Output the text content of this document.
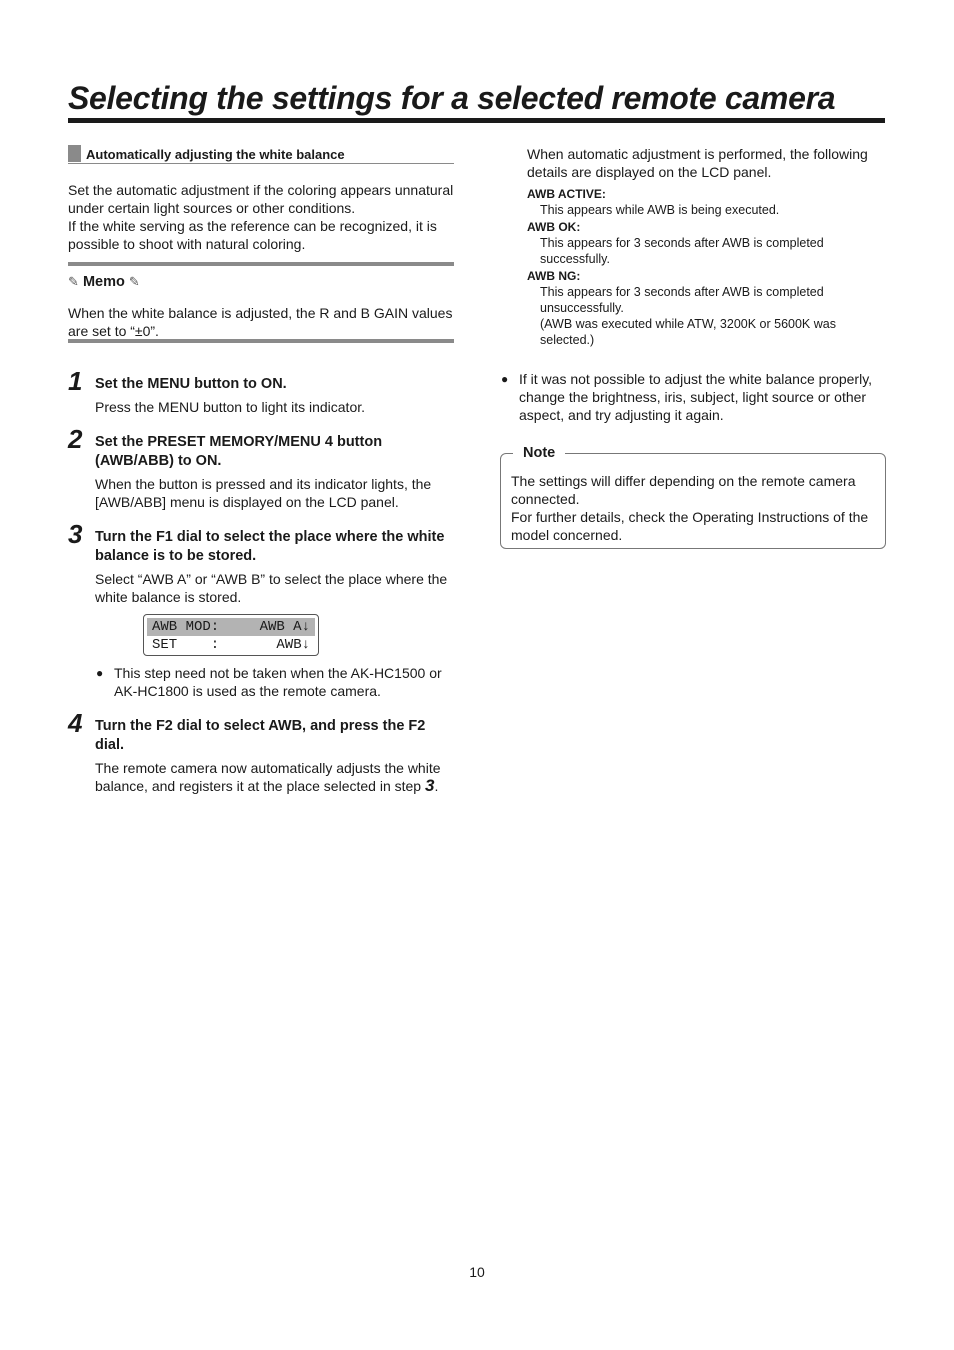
Selecting the settings for a selected remote camera
Automatically adjusting the white balance

Set the automatic adjustment if the coloring appears unnatural under certain light sources or other conditions.

If the white serving as the reference can be recognized, it is possible to shoot with natural coloring.

✎ Memo ✎

When the white balance is adjusted, the R and B GAIN values are set to “±0”.

1 Set the MENU button to ON.
Press the MENU button to light its indicator.
2 Set the PRESET MEMORY/MENU 4 button (AWB/ABB) to ON.
When the button is pressed and its indicator lights, the [AWB/ABB] menu is displayed on the LCD panel.
3 Turn the F1 dial to select the place where the white balance is to be stored.
Select “AWB A” or “AWB B” to select the place where the white balance is stored.
AWB MOD:	AWB A↓
SET    :	AWB↓
● This step need not be taken when the AK-HC1500 or AK-HC1800 is used as the remote camera.
4 Turn the F2 dial to select AWB, and press the F2 dial.
The remote camera now automatically adjusts the white balance, and registers it at the place selected in step 3.

When automatic adjustment is performed, the following details are displayed on the LCD panel.

AWB ACTIVE:
This appears while AWB is being executed.
AWB OK:
This appears for 3 seconds after AWB is completed successfully.
AWB NG:
This appears for 3 seconds after AWB is completed unsuccessfully.
(AWB was executed while ATW, 3200K or 5600K was selected.)
● If it was not possible to adjust the white balance properly, change the brightness, iris, subject, light source or other aspect, and try adjusting it again.
Note

The settings will differ depending on the remote camera connected.

For further details, check the Operating Instructions of the model concerned.

10
